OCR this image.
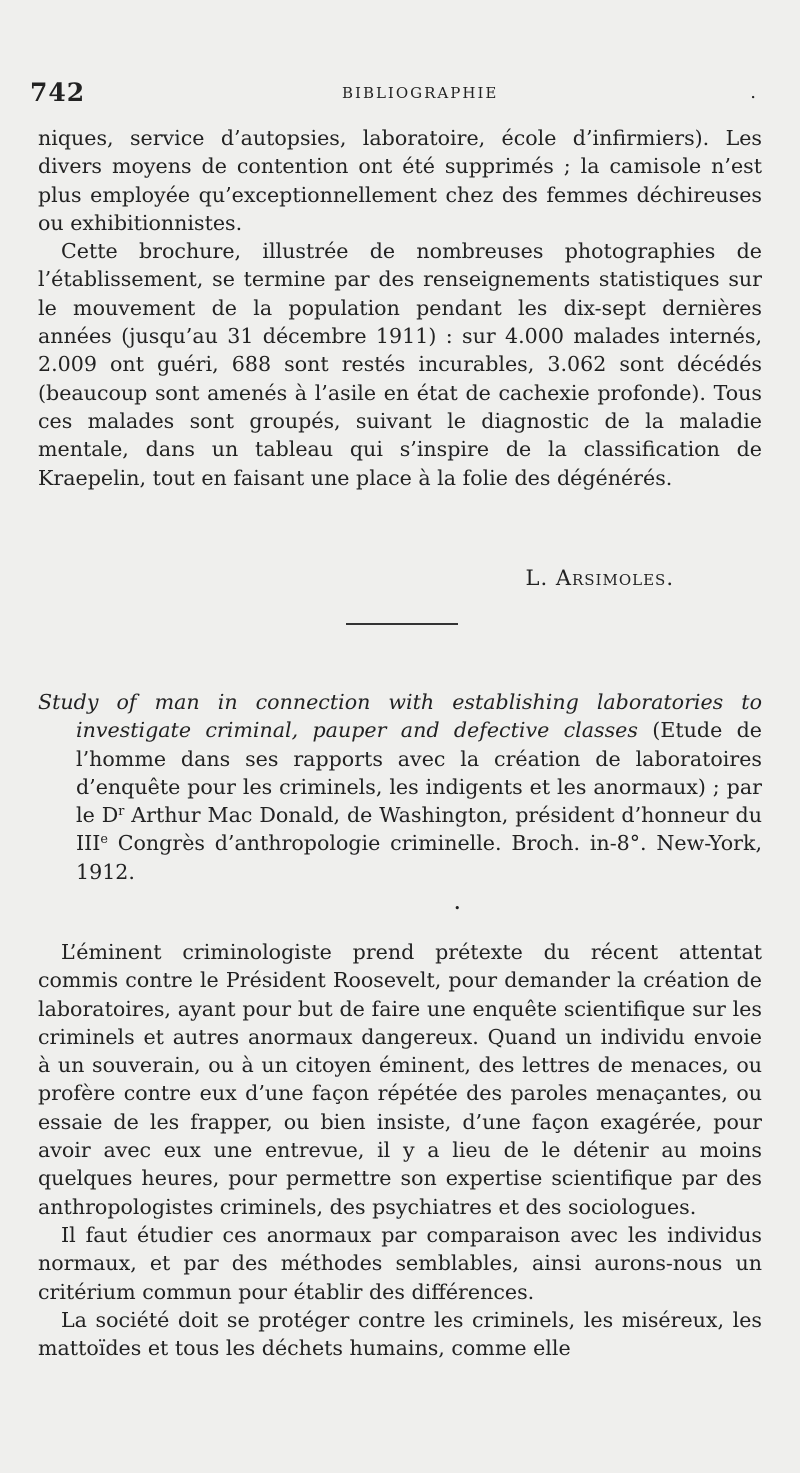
742	BIBLIOGRAPHIE	.

niques, service d’autopsies, laboratoire, école d’infirmiers). Les divers moyens de contention ont été supprimés ; la camisole n’est plus employée qu’exceptionnellement chez des femmes déchireuses ou exhibitionnistes.

Cette brochure, illustrée de nombreuses photographies de l’établissement, se termine par des renseignements statistiques sur le mouvement de la population pendant les dix-sept dernières années (jusqu’au 31 décembre 1911) : sur 4.000 malades internés, 2.009 ont guéri, 688 sont restés incurables, 3.062 sont décédés (beaucoup sont amenés à l’asile en état de cachexie profonde). Tous ces malades sont groupés, suivant le diagnostic de la maladie mentale, dans un tableau qui s’inspire de la classification de Kraepelin, tout en faisant une place à la folie des dégénérés.

L. Arsimoles.
Study of man in connection with establishing laboratories to investigate criminal, pauper and defective classes (Etude de l’homme dans ses rapports avec la création de laboratoires d’enquête pour les criminels, les indigents et les anormaux) ; par le $D^r$ Arthur Mac Donald, de Washington, président d’honneur du IIIe Congrès d’anthropologie criminelle. Broch. in-8°. New-York, 1912.
•

L’éminent criminologiste prend prétexte du récent attentat commis contre le Président Roosevelt, pour demander la création de laboratoires, ayant pour but de faire une enquête scientifique sur les criminels et autres anormaux dangereux. Quand un individu envoie à un souverain, ou à un citoyen éminent, des lettres de menaces, ou profère contre eux d’une façon répétée des paroles menaçantes, ou essaie de les frapper, ou bien insiste, d’une façon exagérée, pour avoir avec eux une entrevue, il y a lieu de le détenir au moins quelques heures, pour permettre son expertise scientifique par des anthropologistes criminels, des psychiatres et des sociologues.

Il faut étudier ces anormaux par comparaison avec les individus normaux, et par des méthodes semblables, ainsi aurons-nous un critérium commun pour établir des différences.

La société doit se protéger contre les criminels, les miséreux, les mattoïdes et tous les déchets humains, comme elle
